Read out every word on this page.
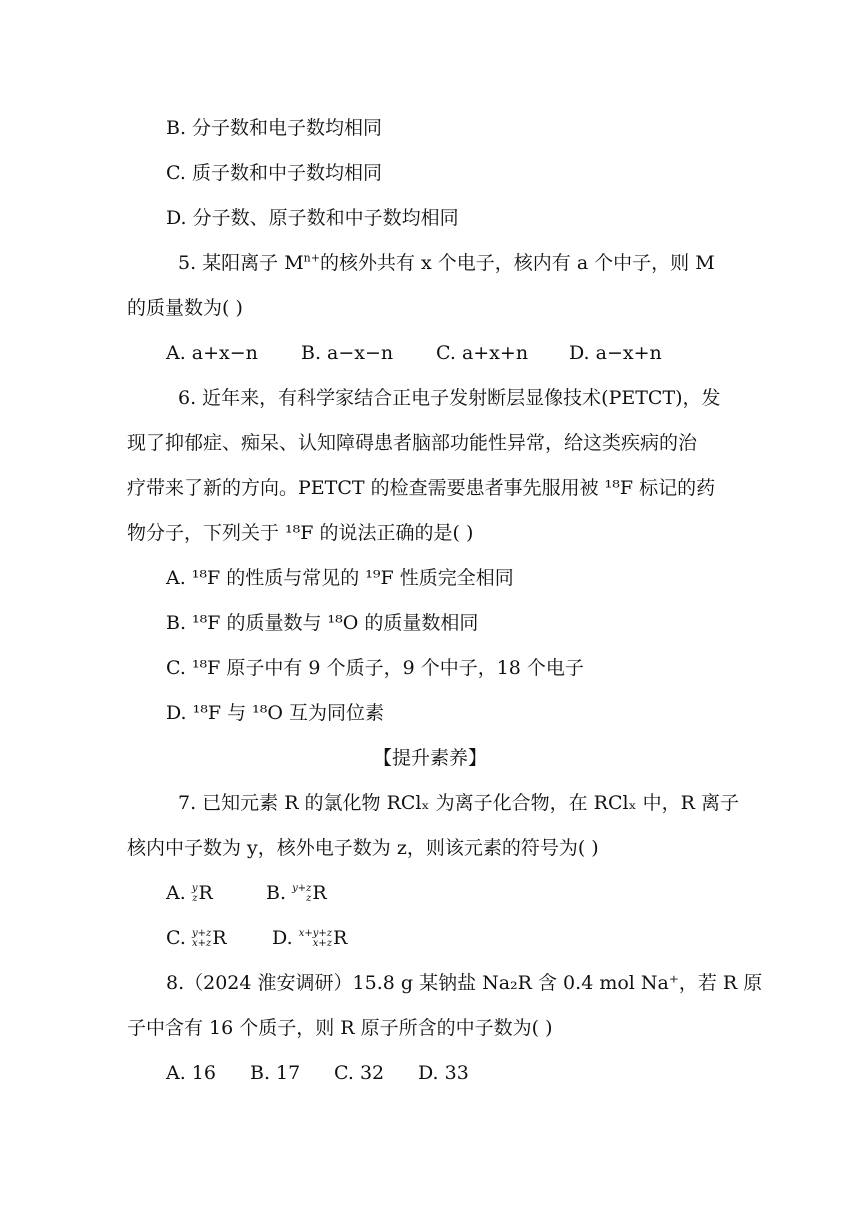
B. 分子数和电子数均相同
C. 质子数和中子数均相同
D. 分子数、原子数和中子数均相同
5. 某阳离子 $M^{n+}$的核外共有 x 个电子，核内有 a 个中子，则 M
的质量数为( )
A. a+x−n B. a−x−n C. a+x+n D. a−x+n
6. 近年来，有科学家结合正电子发射断层显像技术(PETCT)，发
现了抑郁症、痴呆、认知障碍患者脑部功能性异常，给这类疾病的治
疗带来了新的方向。PETCT 的检查需要患者事先服用被 ¹⁸F 标记的药
物分子，下列关于 ¹⁸F 的说法正确的是( )
A. ¹⁸F 的性质与常见的 ¹⁹F 性质完全相同
B. ¹⁸F 的质量数与 ¹⁸O 的质量数相同
C. ¹⁸F 原子中有 9 个质子，9 个中子，18 个电子
D. ¹⁸F 与 ¹⁸O 互为同位素
【提升素养】
7. 已知元素 R 的氯化物 RClₓ 为离子化合物，在 RClₓ 中，R 离子
核内中子数为 y，核外电子数为 z，则该元素的符号为( )
A. y
z R	B. y+z
z R
C. y+z
x+z R D. x+y+z
x+z R
8.（2024 淮安调研）15.8 g 某钠盐 Na₂R 含 0.4 mol Na⁺，若 R 原
子中含有 16 个质子，则 R 原子所含的中子数为( )
A. 16 B. 17 C. 32 D. 33
